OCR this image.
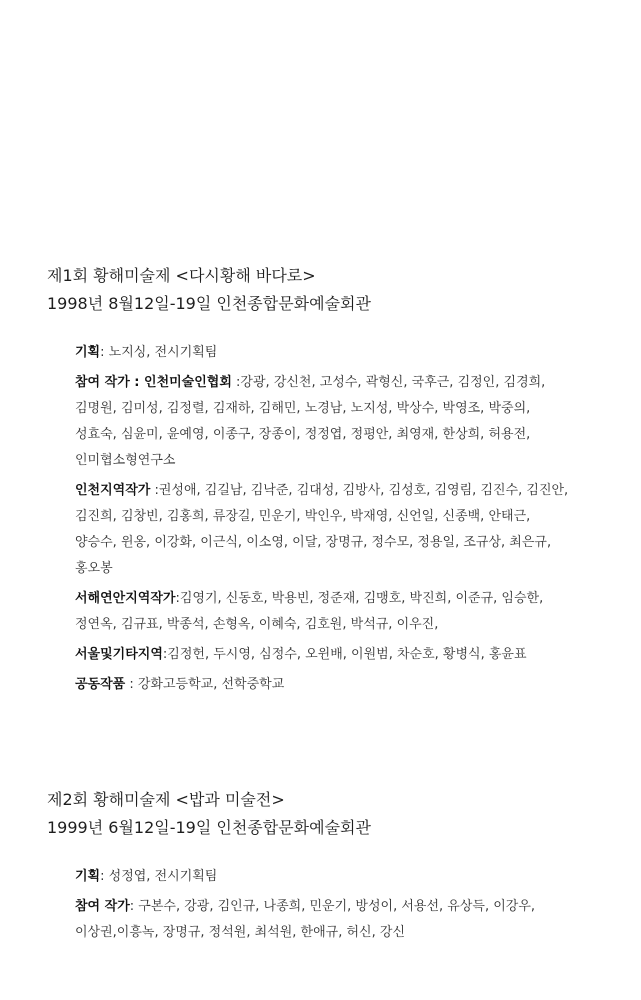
제1회 황해미술제 <다시황해 바다로>
1998년 8월12일-19일 인천종합문화예술회관

기획: 노지싱, 전시기획팀

참여 작가 : 인천미술인협회 :강광, 강신천, 고성수, 곽형신, 국후근, 김정인, 김경희, 김명원, 김미성, 김정렬, 김재하, 김해민, 노경남, 노지성, 박상수, 박영조, 박중의, 성효숙, 심윤미, 윤예영, 이종구, 장종이, 정정엽, 정평안, 최영재, 한상희, 허용전, 인미협소형연구소

인천지역작가 :권성애, 김길남, 김낙준, 김대성, 김방사, 김성호, 김영림, 김진수, 김진안, 김진희, 김창빈, 김홍희, 류장길, 민운기, 박인우, 박재영, 신언일, 신종백, 안태근, 양승수, 윈옹, 이강화, 이근식, 이소영, 이달, 장명규, 정수모, 정용일, 조규상, 최은규, 홍오봉

서해연안지역작가:김영기, 신동호, 박용빈, 정준재, 김맹호, 박진희, 이준규, 임승한, 정연옥, 김규표, 박종석, 손형옥, 이혜숙, 김호원, 박석규, 이우진,

서울및기타지역:김정헌, 두시영, 심정수, 오윈배, 이원범, 차순호, 황병식, 홍윤표

공동작품 : 강화고등학교, 선학중학교

제2회 황해미술제 <밥과 미술전>
1999년 6월12일-19일 인천종합문화예술회관

기획: 성정엽, 전시기획팀

참여 작가: 구본수, 강광, 김인규, 나종희, 민운기, 방성이, 서용선, 유상득, 이강우, 이상권,이흥녹, 장명규, 정석원, 최석원, 한애규, 허신, 강신
